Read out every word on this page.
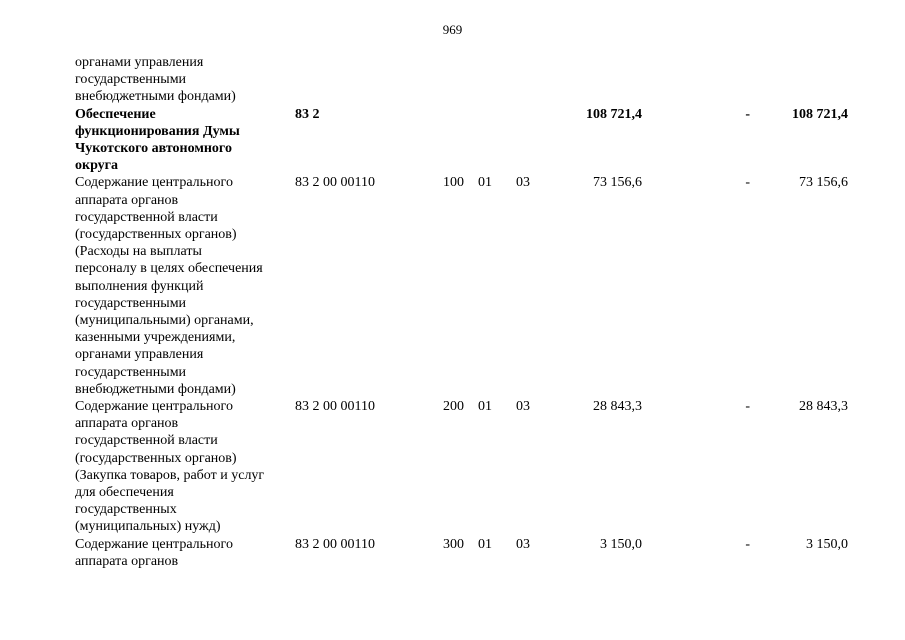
969
органами управления
государственными
внебюджетными фондами)
Обеспечение
функционирования Думы
Чукотского автономного
округа
83 2	108 721,4	-	108 721,4
Содержание центрального
аппарата органов
государственной власти
(государственных органов)
(Расходы на выплаты
персоналу в целях обеспечения
выполнения функций
государственными
(муниципальными) органами,
казенными учреждениями,
органами управления
государственными
внебюджетными фондами)
83 2 00 00110	100 01 03	73 156,6	-	73 156,6
Содержание центрального
аппарата органов
государственной власти
(государственных органов)
(Закупка товаров, работ и услуг
для обеспечения
государственных
(муниципальных) нужд)
83 2 00 00110	200 01 03	28 843,3	-	28 843,3
Содержание центрального
аппарата органов
83 2 00 00110	300 01 03	3 150,0	-	3 150,0
